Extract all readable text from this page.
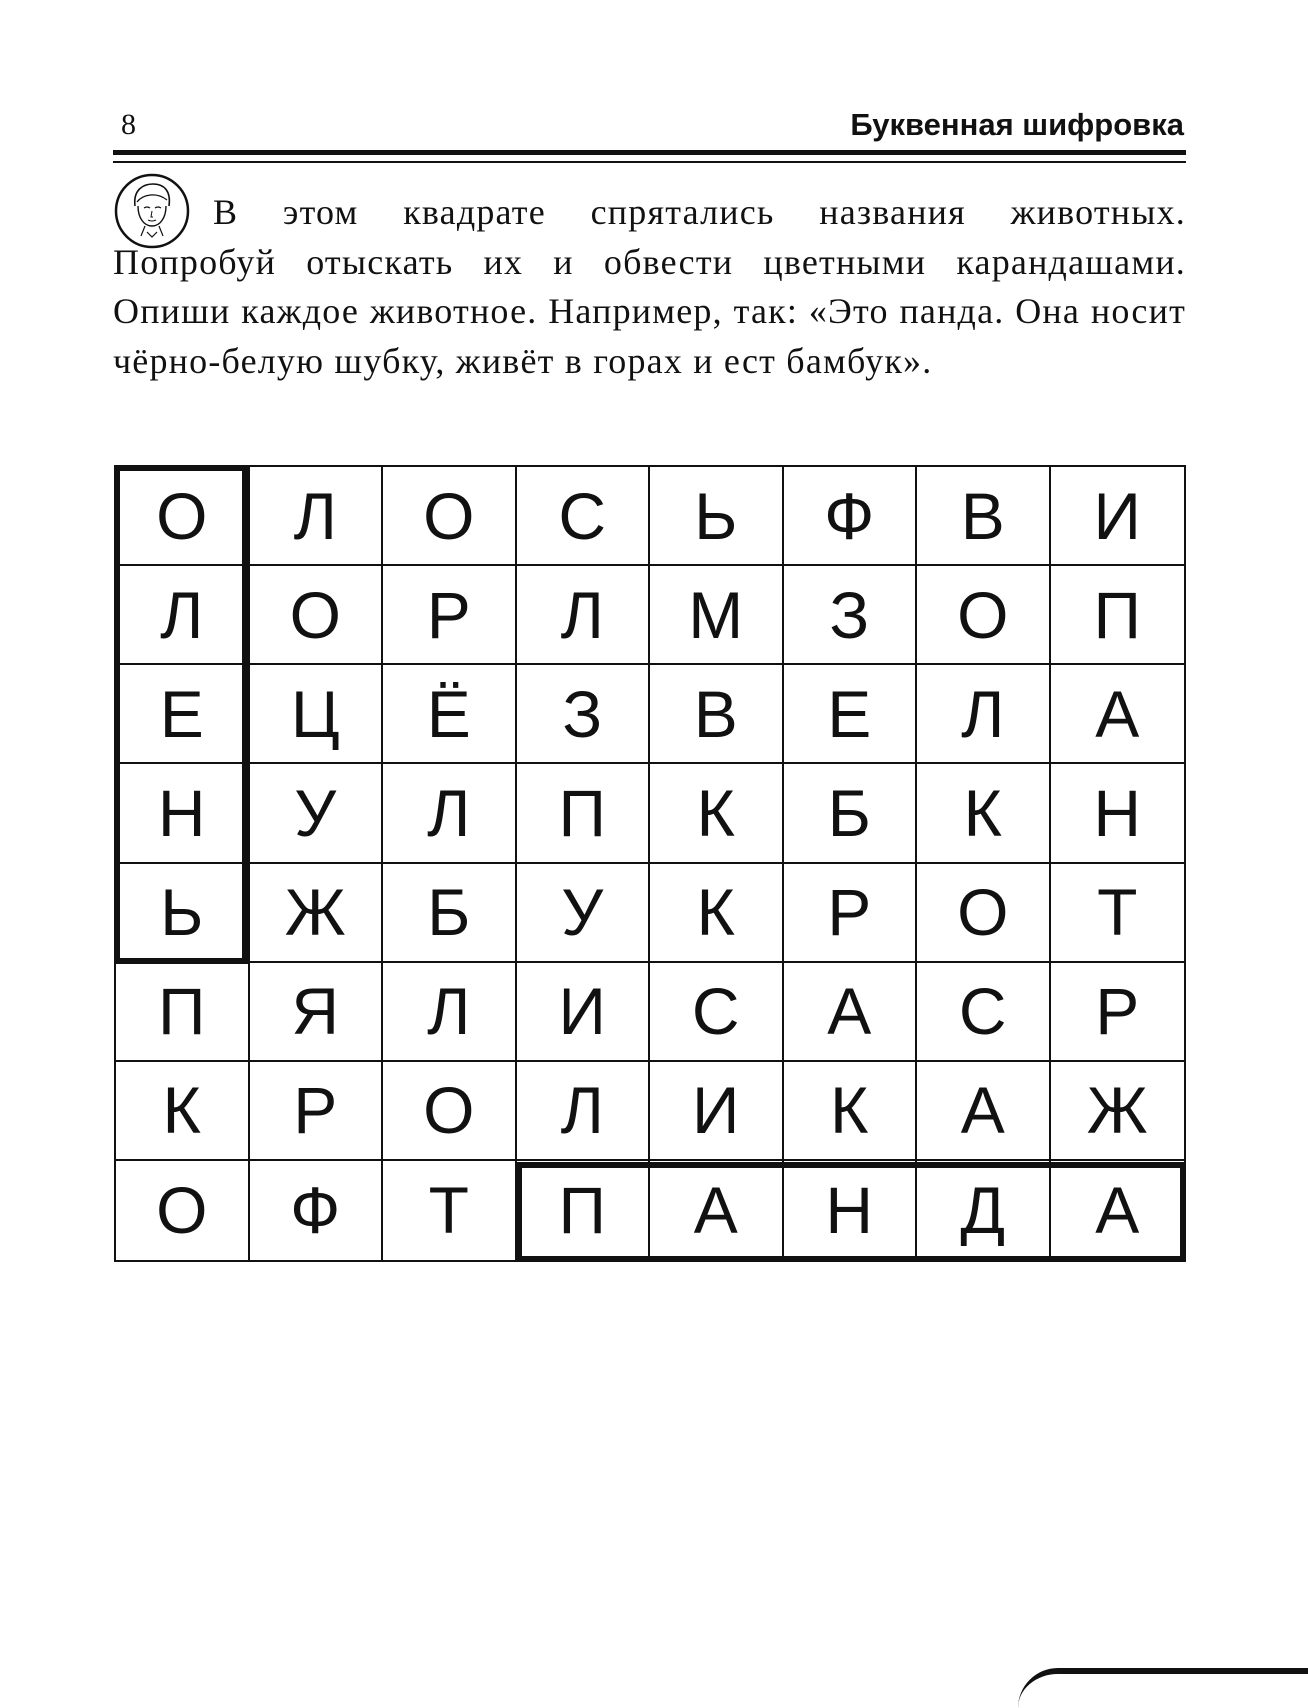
8	Буквенная шифровка

В этом квадрате спрятались названия животных. Попробуй отыскать их и обвести цветными карандашами. Опиши каждое животное. Например, так: «Это панда. Она носит чёрно-белую шубку, живёт в горах и ест бамбук».

О	Л	О	С	Ь	Ф	В	И
Л	О	Р	Л	М	З	О	П
Е	Ц	Ё	З	В	Е	Л	А
Н	У	Л	П	К	Б	К	Н
Ь	Ж	Б	У	К	Р	О	Т
П	Я	Л	И	С	А	С	Р
К	Р	О	Л	И	К	А	Ж
О	Ф	Т	П	А	Н	Д	А
